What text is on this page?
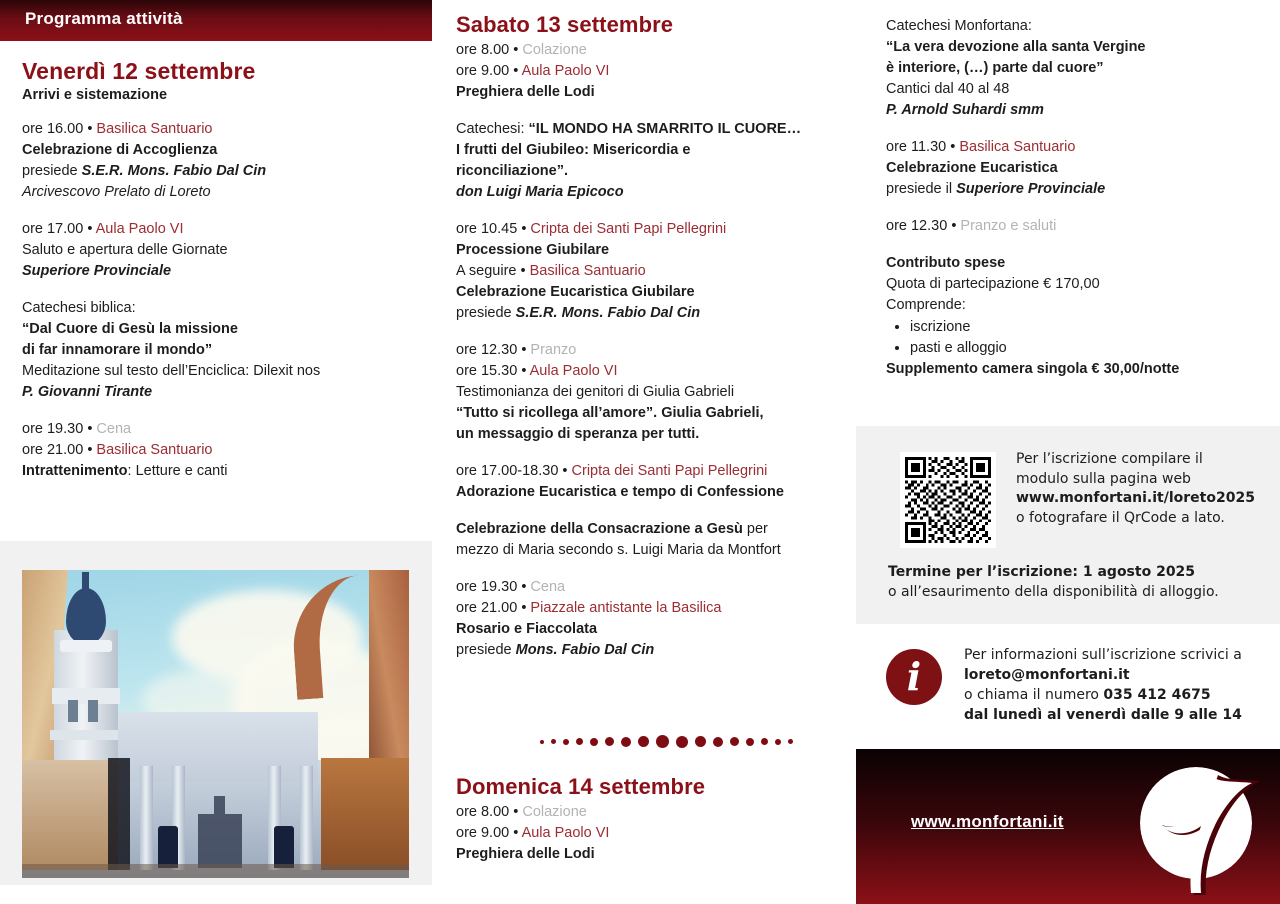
Programma attività

Venerdì 12 settembre

Arrivi e sistemazione

ore 16.00 • Basilica Santuario

Celebrazione di Accoglienza

presiede S.E.R. Mons. Fabio Dal Cin

Arcivescovo Prelato di Loreto

ore 17.00 • Aula Paolo VI

Saluto e apertura delle Giornate

Superiore Provinciale

Catechesi biblica:

“Dal Cuore di Gesù la missione

di far innamorare il mondo”

Meditazione sul testo dell’Enciclica: Dilexit nos

P. Giovanni Tirante

ore 19.30 • Cena

ore 21.00 • Basilica Santuario

Intrattenimento: Letture e canti

Sabato 13 settembre

ore 8.00 • Colazione

ore 9.00 • Aula Paolo VI

Preghiera delle Lodi

Catechesi: “IL MONDO HA SMARRITO IL CUORE…

I frutti del Giubileo: Misericordia e

riconciliazione”.

don Luigi Maria Epicoco

ore 10.45 • Cripta dei Santi Papi Pellegrini

Processione Giubilare

A seguire • Basilica Santuario

Celebrazione Eucaristica Giubilare

presiede S.E.R. Mons. Fabio Dal Cin

ore 12.30 • Pranzo

ore 15.30 • Aula Paolo VI

Testimonianza dei genitori di Giulia Gabrieli

“Tutto si ricollega all’amore”. Giulia Gabrieli,

un messaggio di speranza per tutti.

ore 17.00-18.30 • Cripta dei Santi Papi Pellegrini

Adorazione Eucaristica e tempo di Confessione

Celebrazione della Consacrazione a Gesù per

mezzo di Maria secondo s. Luigi Maria da Montfort

ore 19.30 • Cena

ore 21.00 • Piazzale antistante la Basilica

Rosario e Fiaccolata

presiede Mons. Fabio Dal Cin

Domenica 14 settembre

ore 8.00 • Colazione

ore 9.00 • Aula Paolo VI

Preghiera delle Lodi

Catechesi Monfortana:

“La vera devozione alla santa Vergine

è interiore, (…) parte dal cuore”

Cantici dal 40 al 48

P. Arnold Suhardi smm

ore 11.30 • Basilica Santuario

Celebrazione Eucaristica

presiede il Superiore Provinciale

ore 12.30 • Pranzo e saluti

Contributo spese

Quota di partecipazione € 170,00

Comprende:

• iscrizione
• pasti e alloggio

Supplemento camera singola € 30,00/notte

Per l’iscrizione compilare il
modulo sulla pagina web
www.monfortani.it/loreto2025
o fotografare il QrCode a lato.
Termine per l’iscrizione: 1 agosto 2025
o all’esaurimento della disponibilità di alloggio.
i	Per informazioni sull’iscrizione scrivici a
loreto@monfortani.it
o chiama il numero 035 412 4675
dal lunedì al venerdì dalle 9 alle 14
www.monfortani.it
